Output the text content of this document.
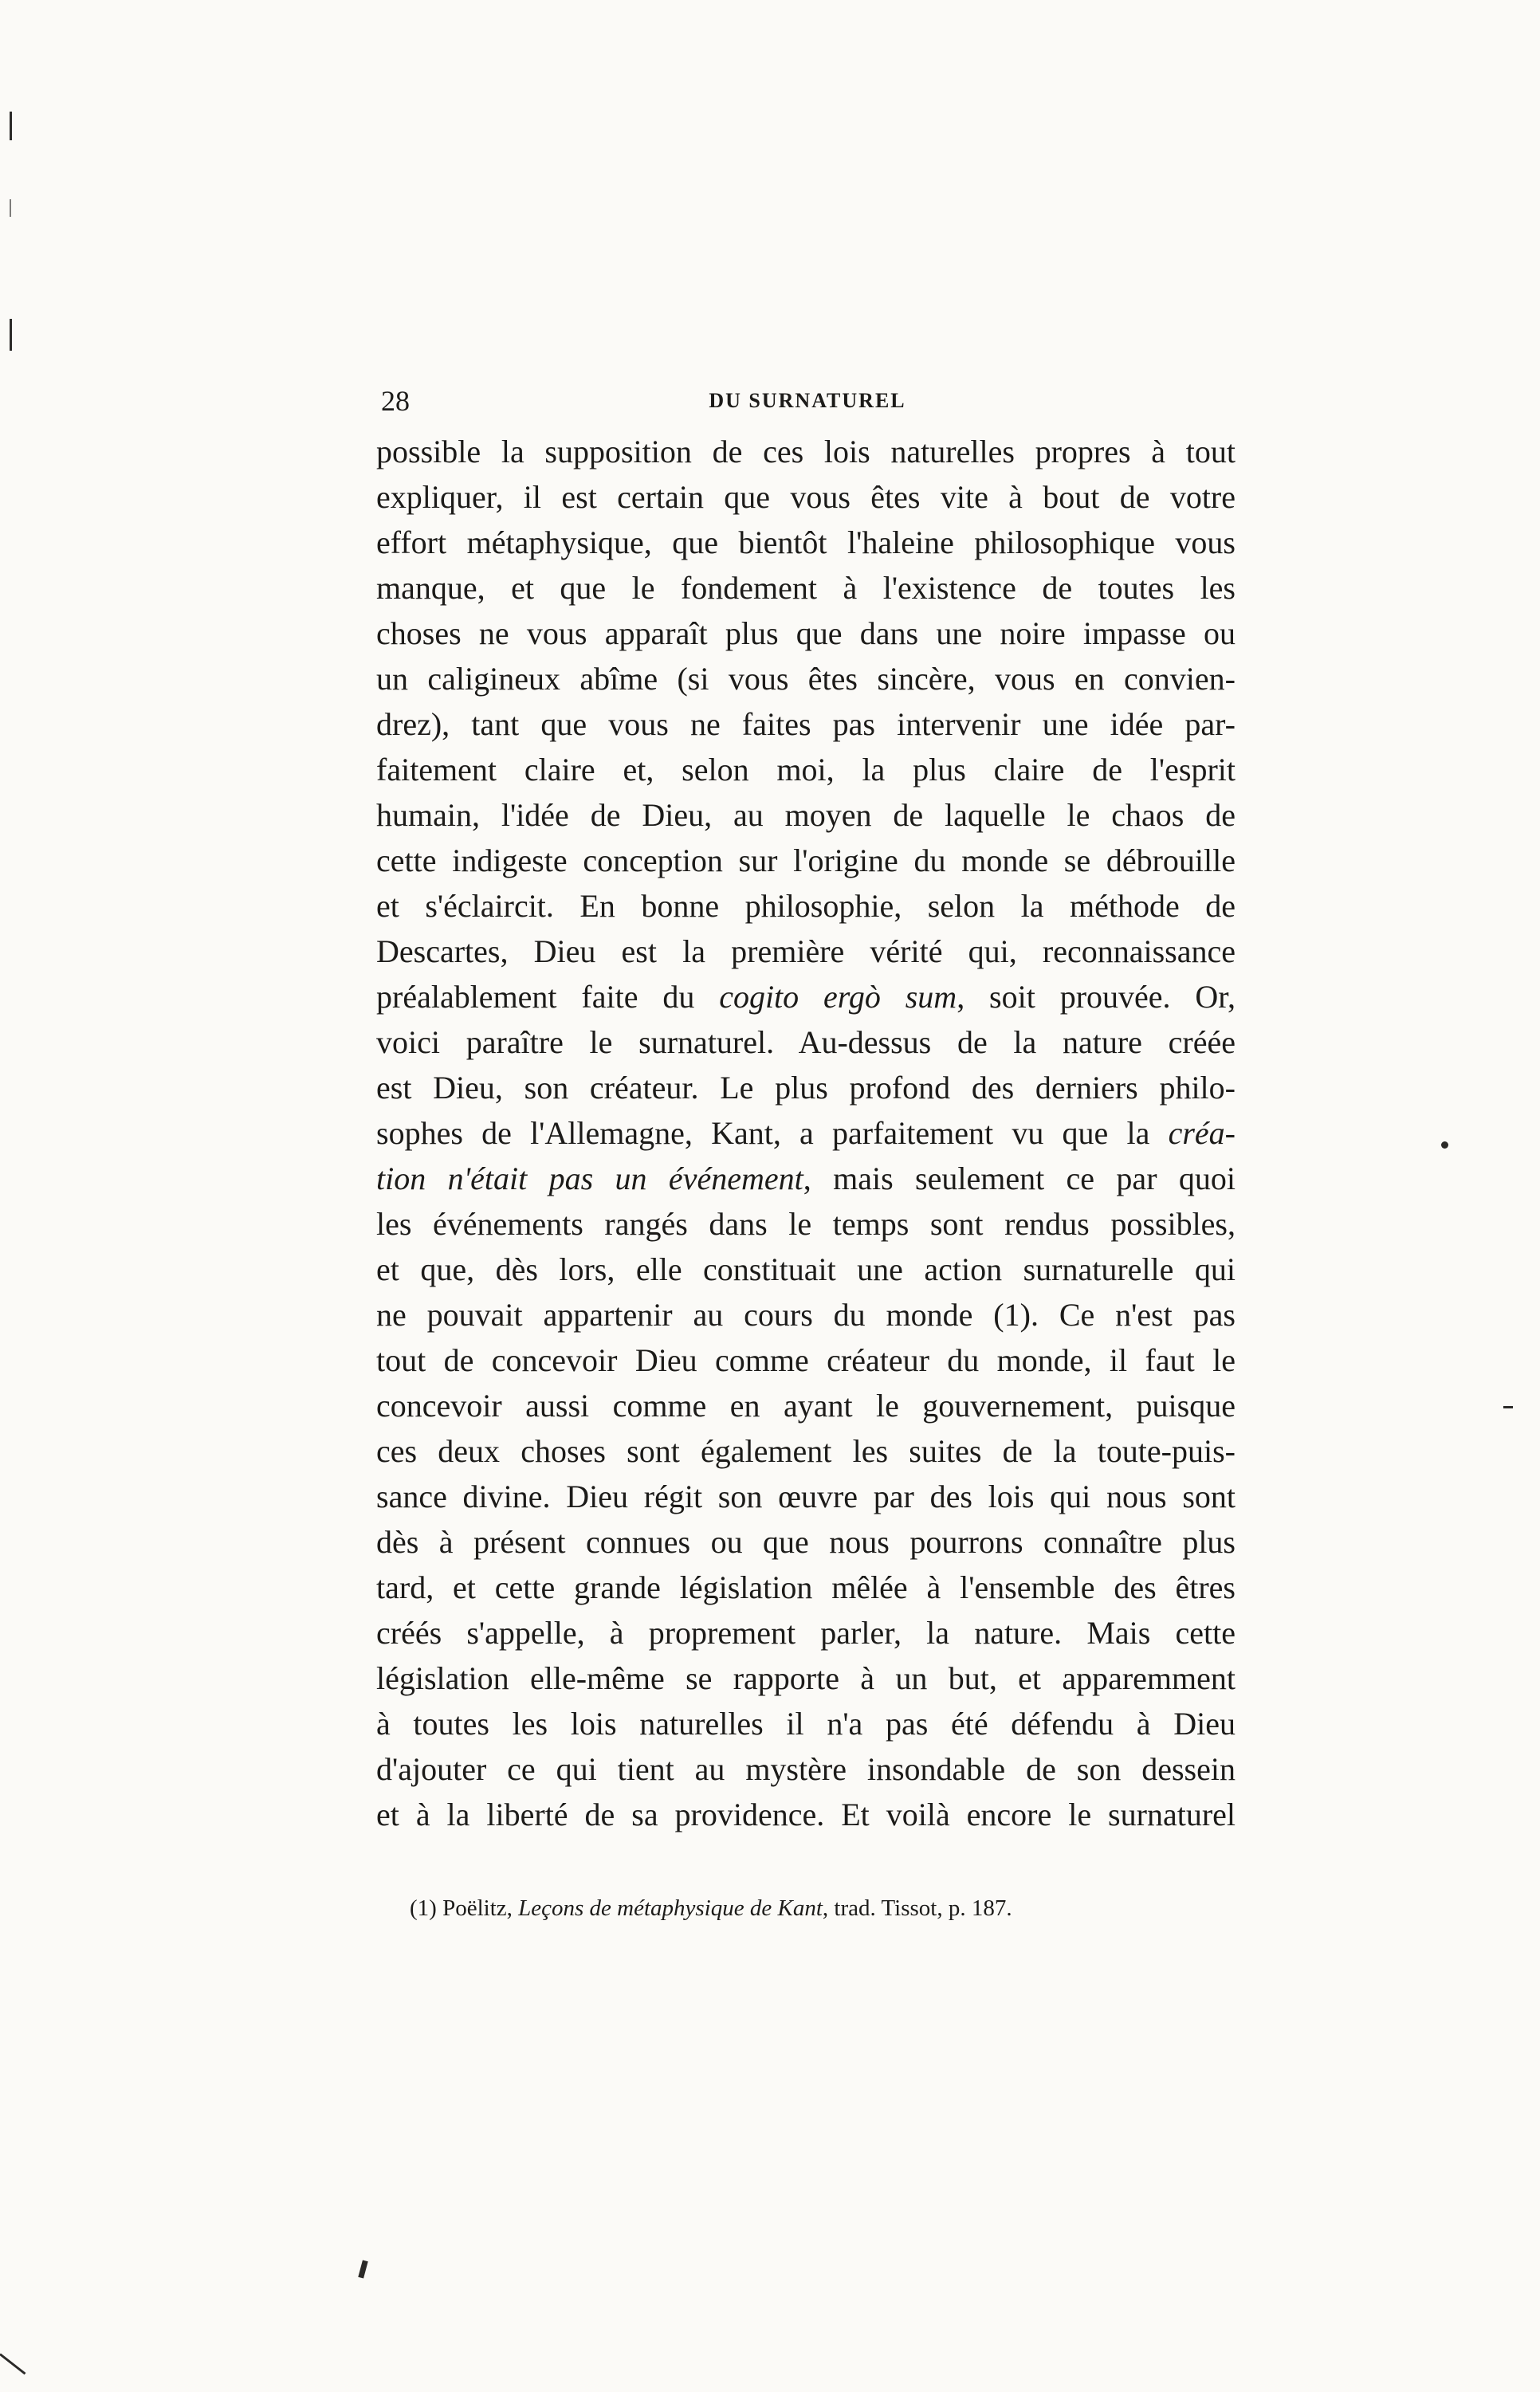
28	DU SURNATUREL
possible la supposition de ces lois naturelles propres à tout
expliquer, il est certain que vous êtes vite à bout de votre
effort métaphysique, que bientôt l'haleine philosophique vous
manque, et que le fondement à l'existence de toutes les
choses ne vous apparaît plus que dans une noire impasse ou
un caligineux abîme (si vous êtes sincère, vous en convien-
drez), tant que vous ne faites pas intervenir une idée par-
faitement claire et, selon moi, la plus claire de l'esprit
humain, l'idée de Dieu, au moyen de laquelle le chaos de
cette indigeste conception sur l'origine du monde se débrouille
et s'éclaircit. En bonne philosophie, selon la méthode de
Descartes, Dieu est la première vérité qui, reconnaissance
préalablement faite du cogito ergò sum, soit prouvée. Or,
voici paraître le surnaturel. Au-dessus de la nature créée
est Dieu, son créateur. Le plus profond des derniers philo-
sophes de l'Allemagne, Kant, a parfaitement vu que la créa-
tion n'était pas un événement, mais seulement ce par quoi
les événements rangés dans le temps sont rendus possibles,
et que, dès lors, elle constituait une action surnaturelle qui
ne pouvait appartenir au cours du monde (1). Ce n'est pas
tout de concevoir Dieu comme créateur du monde, il faut le
concevoir aussi comme en ayant le gouvernement, puisque
ces deux choses sont également les suites de la toute-puis-
sance divine. Dieu régit son œuvre par des lois qui nous sont
dès à présent connues ou que nous pourrons connaître plus
tard, et cette grande législation mêlée à l'ensemble des êtres
créés s'appelle, à proprement parler, la nature. Mais cette
législation elle-même se rapporte à un but, et apparemment
à toutes les lois naturelles il n'a pas été défendu à Dieu
d'ajouter ce qui tient au mystère insondable de son dessein
et à la liberté de sa providence. Et voilà encore le surnaturel
(1) Poëlitz, Leçons de métaphysique de Kant, trad. Tissot, p. 187.
